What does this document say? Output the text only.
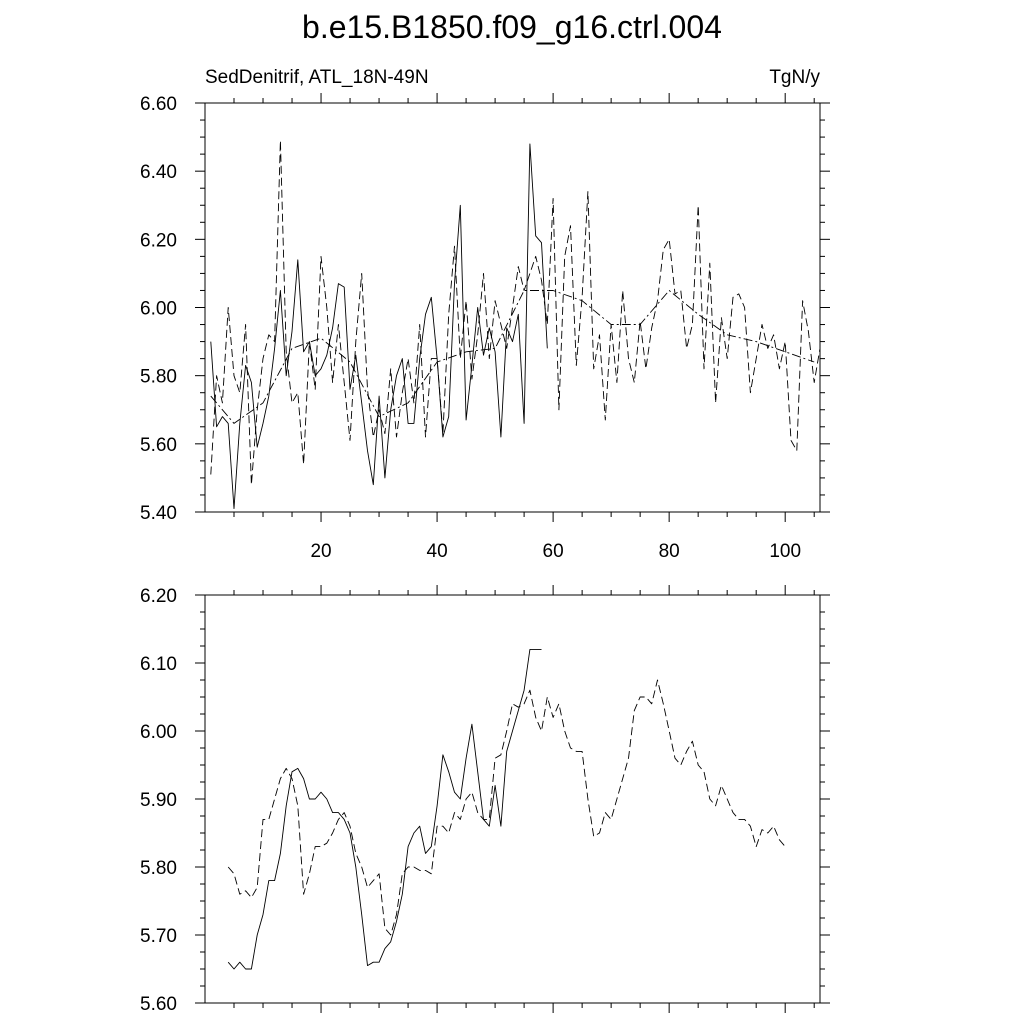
b.e15.B1850.f09_g16.ctrl.004
SedDenitrif, ATL_18N-49N	TgN/y
5.40
5.60
5.80
6.00
6.20
6.40
6.60
20	40	60	80	100
5.60
5.70
5.80
5.90
6.00
6.10
6.20
